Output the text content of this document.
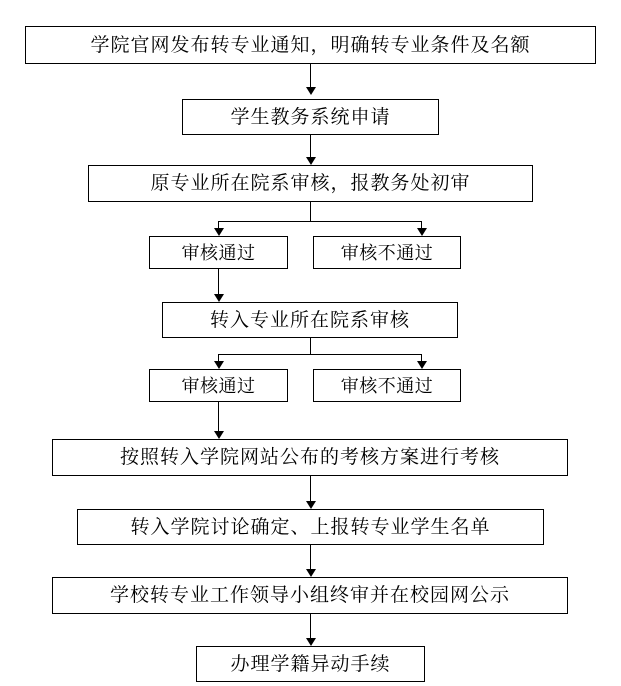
学院官网发布转专业通知，明确转专业条件及名额
学生教务系统申请
原专业所在院系审核，报教务处初审
审核通过	审核不通过
转入专业所在院系审核
审核通过	审核不通过
按照转入学院网站公布的考核方案进行考核
转入学院讨论确定、上报转专业学生名单
学校转专业工作领导小组终审并在校园网公示
办理学籍异动手续
